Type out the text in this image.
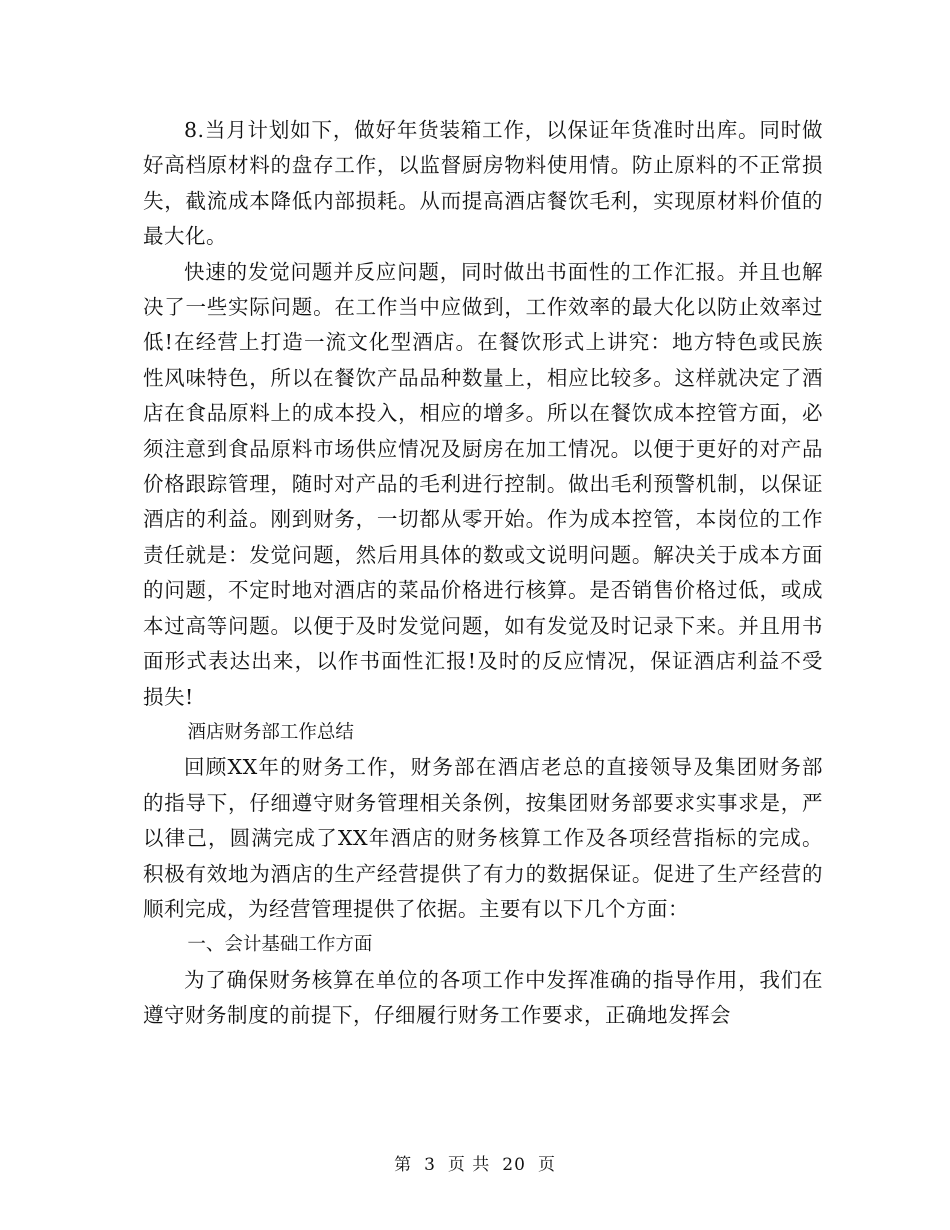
8.当月计划如下，做好年货装箱工作，以保证年货准时出库。同时做好高档原材料的盘存工作，以监督厨房物料使用情。防止原料的不正常损失，截流成本降低内部损耗。从而提高酒店餐饮毛利，实现原材料价值的最大化。

快速的发觉问题并反应问题，同时做出书面性的工作汇报。并且也解决了一些实际问题。在工作当中应做到，工作效率的最大化以防止效率过低!在经营上打造一流文化型酒店。在餐饮形式上讲究：地方特色或民族性风味特色，所以在餐饮产品品种数量上，相应比较多。这样就决定了酒店在食品原料上的成本投入，相应的增多。所以在餐饮成本控管方面，必须注意到食品原料市场供应情况及厨房在加工情况。以便于更好的对产品价格跟踪管理，随时对产品的毛利进行控制。做出毛利预警机制，以保证酒店的利益。刚到财务，一切都从零开始。作为成本控管，本岗位的工作责任就是：发觉问题，然后用具体的数或文说明问题。解决关于成本方面的问题，不定时地对酒店的菜品价格进行核算。是否销售价格过低，或成本过高等问题。以便于及时发觉问题，如有发觉及时记录下来。并且用书面形式表达出来，以作书面性汇报!及时的反应情况，保证酒店利益不受损失!

酒店财务部工作总结

回顾XX年的财务工作，财务部在酒店老总的直接领导及集团财务部的指导下，仔细遵守财务管理相关条例，按集团财务部要求实事求是，严以律己，圆满完成了XX年酒店的财务核算工作及各项经营指标的完成。积极有效地为酒店的生产经营提供了有力的数据保证。促进了生产经营的顺利完成，为经营管理提供了依据。主要有以下几个方面：

一、会计基础工作方面

为了确保财务核算在单位的各项工作中发挥准确的指导作用，我们在遵守财务制度的前提下，仔细履行财务工作要求，正确地发挥会

第 3 页 共 20 页
